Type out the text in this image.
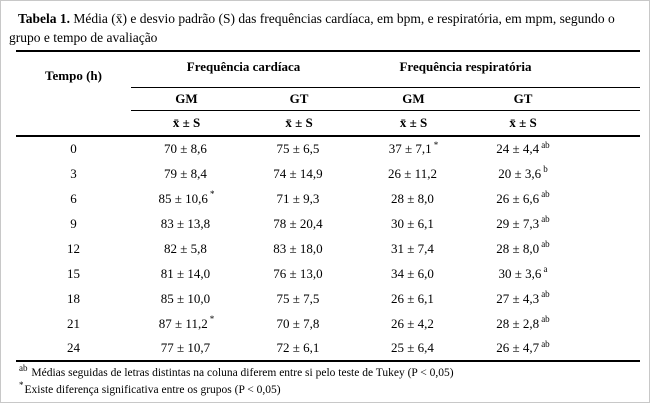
Tabela 1. Média (x̄) e desvio padrão (S) das frequências cardíaca, em bpm, e respiratória, em mpm, segundo o grupo e tempo de avaliação

Tempo (h)	Frequência cardíaca		Frequência respiratória	
	GM	GT	GM	GT
	x̄ ± S	x̄ ± S	x̄ ± S	x̄ ± S
0	70 ± 8,6	75 ± 6,5	37 ± 7,1 *	24 ± 4,4 $^{ab}$
3	79 ± 8,4	74 ± 14,9	26 ± 11,2	20 ± 3,6 $^b$
6	85 ± 10,6 *	71 ± 9,3	28 ± 8,0	26 ± 6,6 $^{ab}$
9	83 ± 13,8	78 ± 20,4	30 ± 6,1	29 ± 7,3 $^{ab}$
12	82 ± 5,8	83 ± 18,0	31 ± 7,4	28 ± 8,0 $^{ab}$
15	81 ± 14,0	76 ± 13,0	34 ± 6,0	30 ± 3,6 $^a$
18	85 ± 10,0	75 ± 7,5	26 ± 6,1	27 ± 4,3 $^{ab}$
21	87 ± 11,2 *	70 ± 7,8	26 ± 4,2	28 ± 2,8 $^{ab}$
24	77 ± 10,7	72 ± 6,1	25 ± 6,4	26 ± 4,7 $^{ab}$

$^{ab}$ Médias seguidas de letras distintas na coluna diferem entre si pelo teste de Tukey (P < 0,05)

*Existe diferença significativa entre os grupos (P < 0,05)
